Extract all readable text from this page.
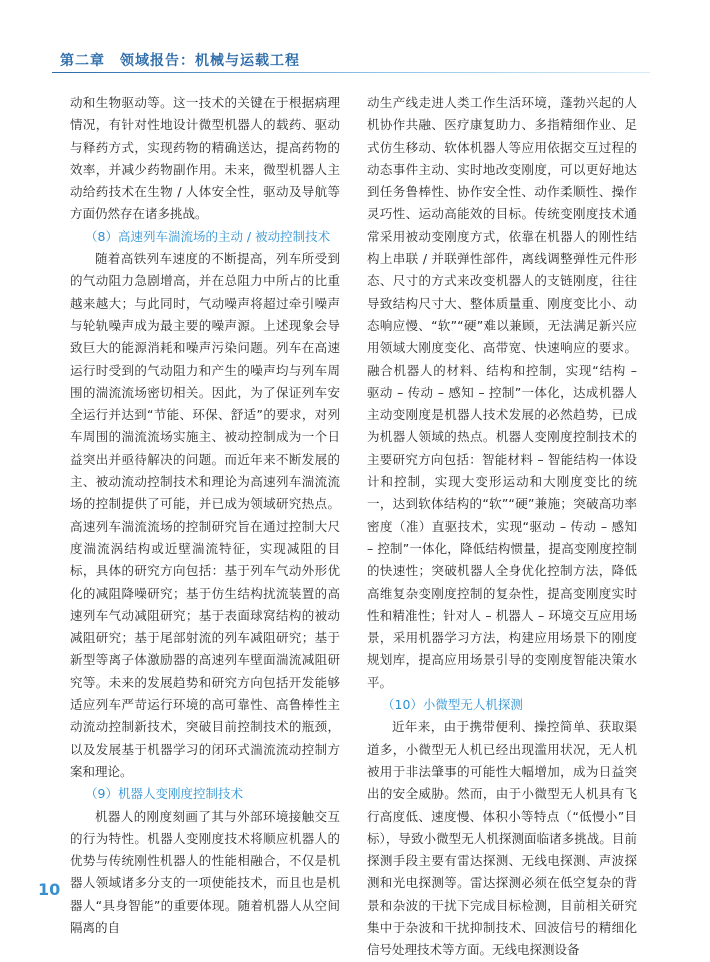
第二章　领域报告：机械与运载工程

动和生物驱动等。这一技术的关键在于根据病理情况，有针对性地设计微型机器人的载药、驱动与释药方式，实现药物的精确送达，提高药物的效率，并减少药物副作用。未来，微型机器人主动给药技术在生物 / 人体安全性，驱动及导航等方面仍然存在诸多挑战。

（8）高速列车湍流场的主动 / 被动控制技术

随着高铁列车速度的不断提高，列车所受到的气动阻力急剧增高，并在总阻力中所占的比重越来越大；与此同时，气动噪声将超过牵引噪声与轮轨噪声成为最主要的噪声源。上述现象会导致巨大的能源消耗和噪声污染问题。列车在高速运行时受到的气动阻力和产生的噪声均与列车周围的湍流流场密切相关。因此，为了保证列车安全运行并达到“节能、环保、舒适”的要求，对列车周围的湍流流场实施主、被动控制成为一个日益突出并亟待解决的问题。而近年来不断发展的主、被动流动控制技术和理论为高速列车湍流流场的控制提供了可能，并已成为领域研究热点。高速列车湍流流场的控制研究旨在通过控制大尺度湍流涡结构或近壁湍流特征，实现减阻的目标，具体的研究方向包括：基于列车气动外形优化的减阻降噪研究；基于仿生结构扰流装置的高速列车气动减阻研究；基于表面球窝结构的被动减阻研究；基于尾部射流的列车减阻研究；基于新型等离子体激励器的高速列车壁面湍流减阻研究等。未来的发展趋势和研究方向包括开发能够适应列车严苛运行环境的高可靠性、高鲁棒性主动流动控制新技术，突破目前控制技术的瓶颈，以及发展基于机器学习的闭环式湍流流动控制方案和理论。

（9）机器人变刚度控制技术

机器人的刚度刻画了其与外部环境接触交互的行为特性。机器人变刚度技术将顺应机器人的优势与传统刚性机器人的性能相融合，不仅是机器人领域诸多分支的一项使能技术，而且也是机器人“具身智能”的重要体现。随着机器人从空间隔离的自

动生产线走进人类工作生活环境，蓬勃兴起的人机协作共融、医疗康复助力、多指精细作业、足式仿生移动、软体机器人等应用依据交互过程的动态事件主动、实时地改变刚度，可以更好地达到任务鲁棒性、协作安全性、动作柔顺性、操作灵巧性、运动高能效的目标。传统变刚度技术通常采用被动变刚度方式，依靠在机器人的刚性结构上串联 / 并联弹性部件，离线调整弹性元件形态、尺寸的方式来改变机器人的支链刚度，往往导致结构尺寸大、整体质量重、刚度变比小、动态响应慢、“软”“硬”难以兼顾，无法满足新兴应用领域大刚度变化、高带宽、快速响应的要求。融合机器人的材料、结构和控制，实现“结构 – 驱动 – 传动 – 感知 – 控制”一体化，达成机器人主动变刚度是机器人技术发展的必然趋势，已成为机器人领域的热点。机器人变刚度控制技术的主要研究方向包括：智能材料 – 智能结构一体设计和控制，实现大变形运动和大刚度变比的统一，达到软体结构的“软”“硬”兼施；突破高功率密度（准）直驱技术，实现“驱动 – 传动 – 感知 – 控制”一体化，降低结构惯量，提高变刚度控制的快速性；突破机器人全身优化控制方法，降低高维复杂变刚度控制的复杂性，提高变刚度实时性和精准性；针对人 – 机器人 – 环境交互应用场景，采用机器学习方法，构建应用场景下的刚度规划库，提高应用场景引导的变刚度智能决策水平。

（10）小微型无人机探测

近年来，由于携带便利、操控简单、获取渠道多，小微型无人机已经出现滥用状况，无人机被用于非法肇事的可能性大幅增加，成为日益突出的安全威胁。然而，由于小微型无人机具有飞行高度低、速度慢、体积小等特点（“低慢小”目标），导致小微型无人机探测面临诸多挑战。目前探测手段主要有雷达探测、无线电探测、声波探测和光电探测等。雷达探测必须在低空复杂的背景和杂波的干扰下完成目标检测，目前相关研究集中于杂波和干扰抑制技术、回波信号的精细化信号处理技术等方面。无线电探测设备

10
